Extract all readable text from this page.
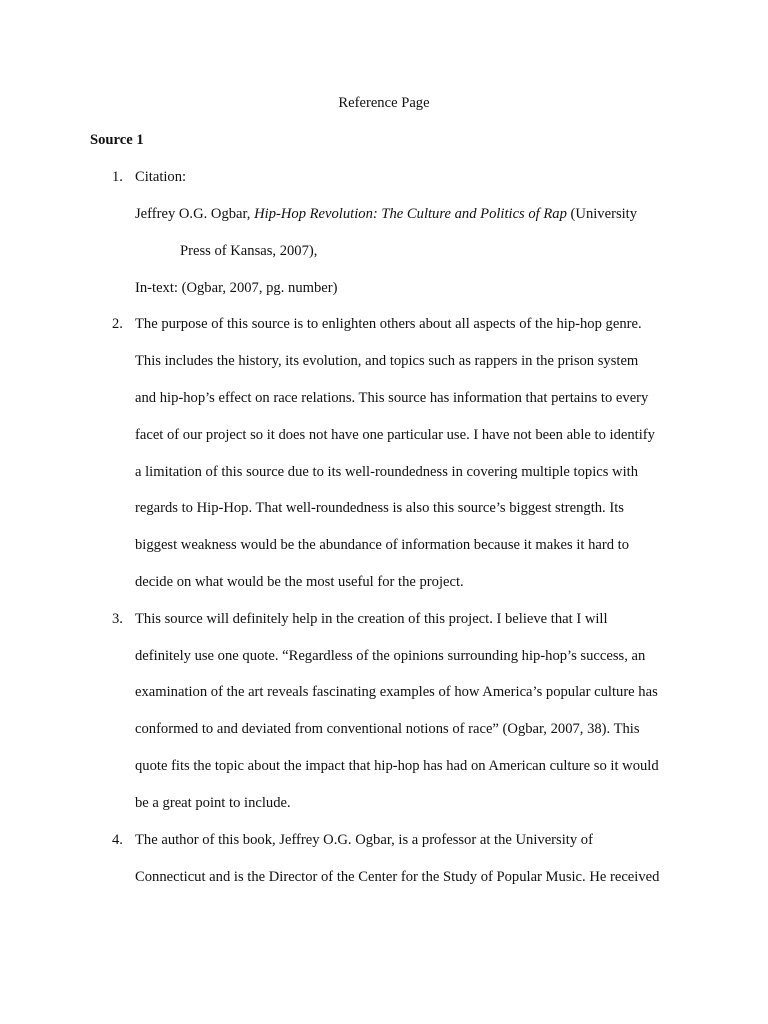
Reference Page
Source 1
1. Citation:
Jeffrey O.G. Ogbar, Hip-Hop Revolution: The Culture and Politics of Rap (University
Press of Kansas, 2007),
In-text: (Ogbar, 2007, pg. number)
2. The purpose of this source is to enlighten others about all aspects of the hip-hop genre.
This includes the history, its evolution, and topics such as rappers in the prison system
and hip-hop’s effect on race relations. This source has information that pertains to every
facet of our project so it does not have one particular use. I have not been able to identify
a limitation of this source due to its well-roundedness in covering multiple topics with
regards to Hip-Hop. That well-roundedness is also this source’s biggest strength. Its
biggest weakness would be the abundance of information because it makes it hard to
decide on what would be the most useful for the project.
3. This source will definitely help in the creation of this project. I believe that I will
definitely use one quote. “Regardless of the opinions surrounding hip-hop’s success, an
examination of the art reveals fascinating examples of how America’s popular culture has
conformed to and deviated from conventional notions of race” (Ogbar, 2007, 38). This
quote fits the topic about the impact that hip-hop has had on American culture so it would
be a great point to include.
4. The author of this book, Jeffrey O.G. Ogbar, is a professor at the University of
Connecticut and is the Director of the Center for the Study of Popular Music. He received
